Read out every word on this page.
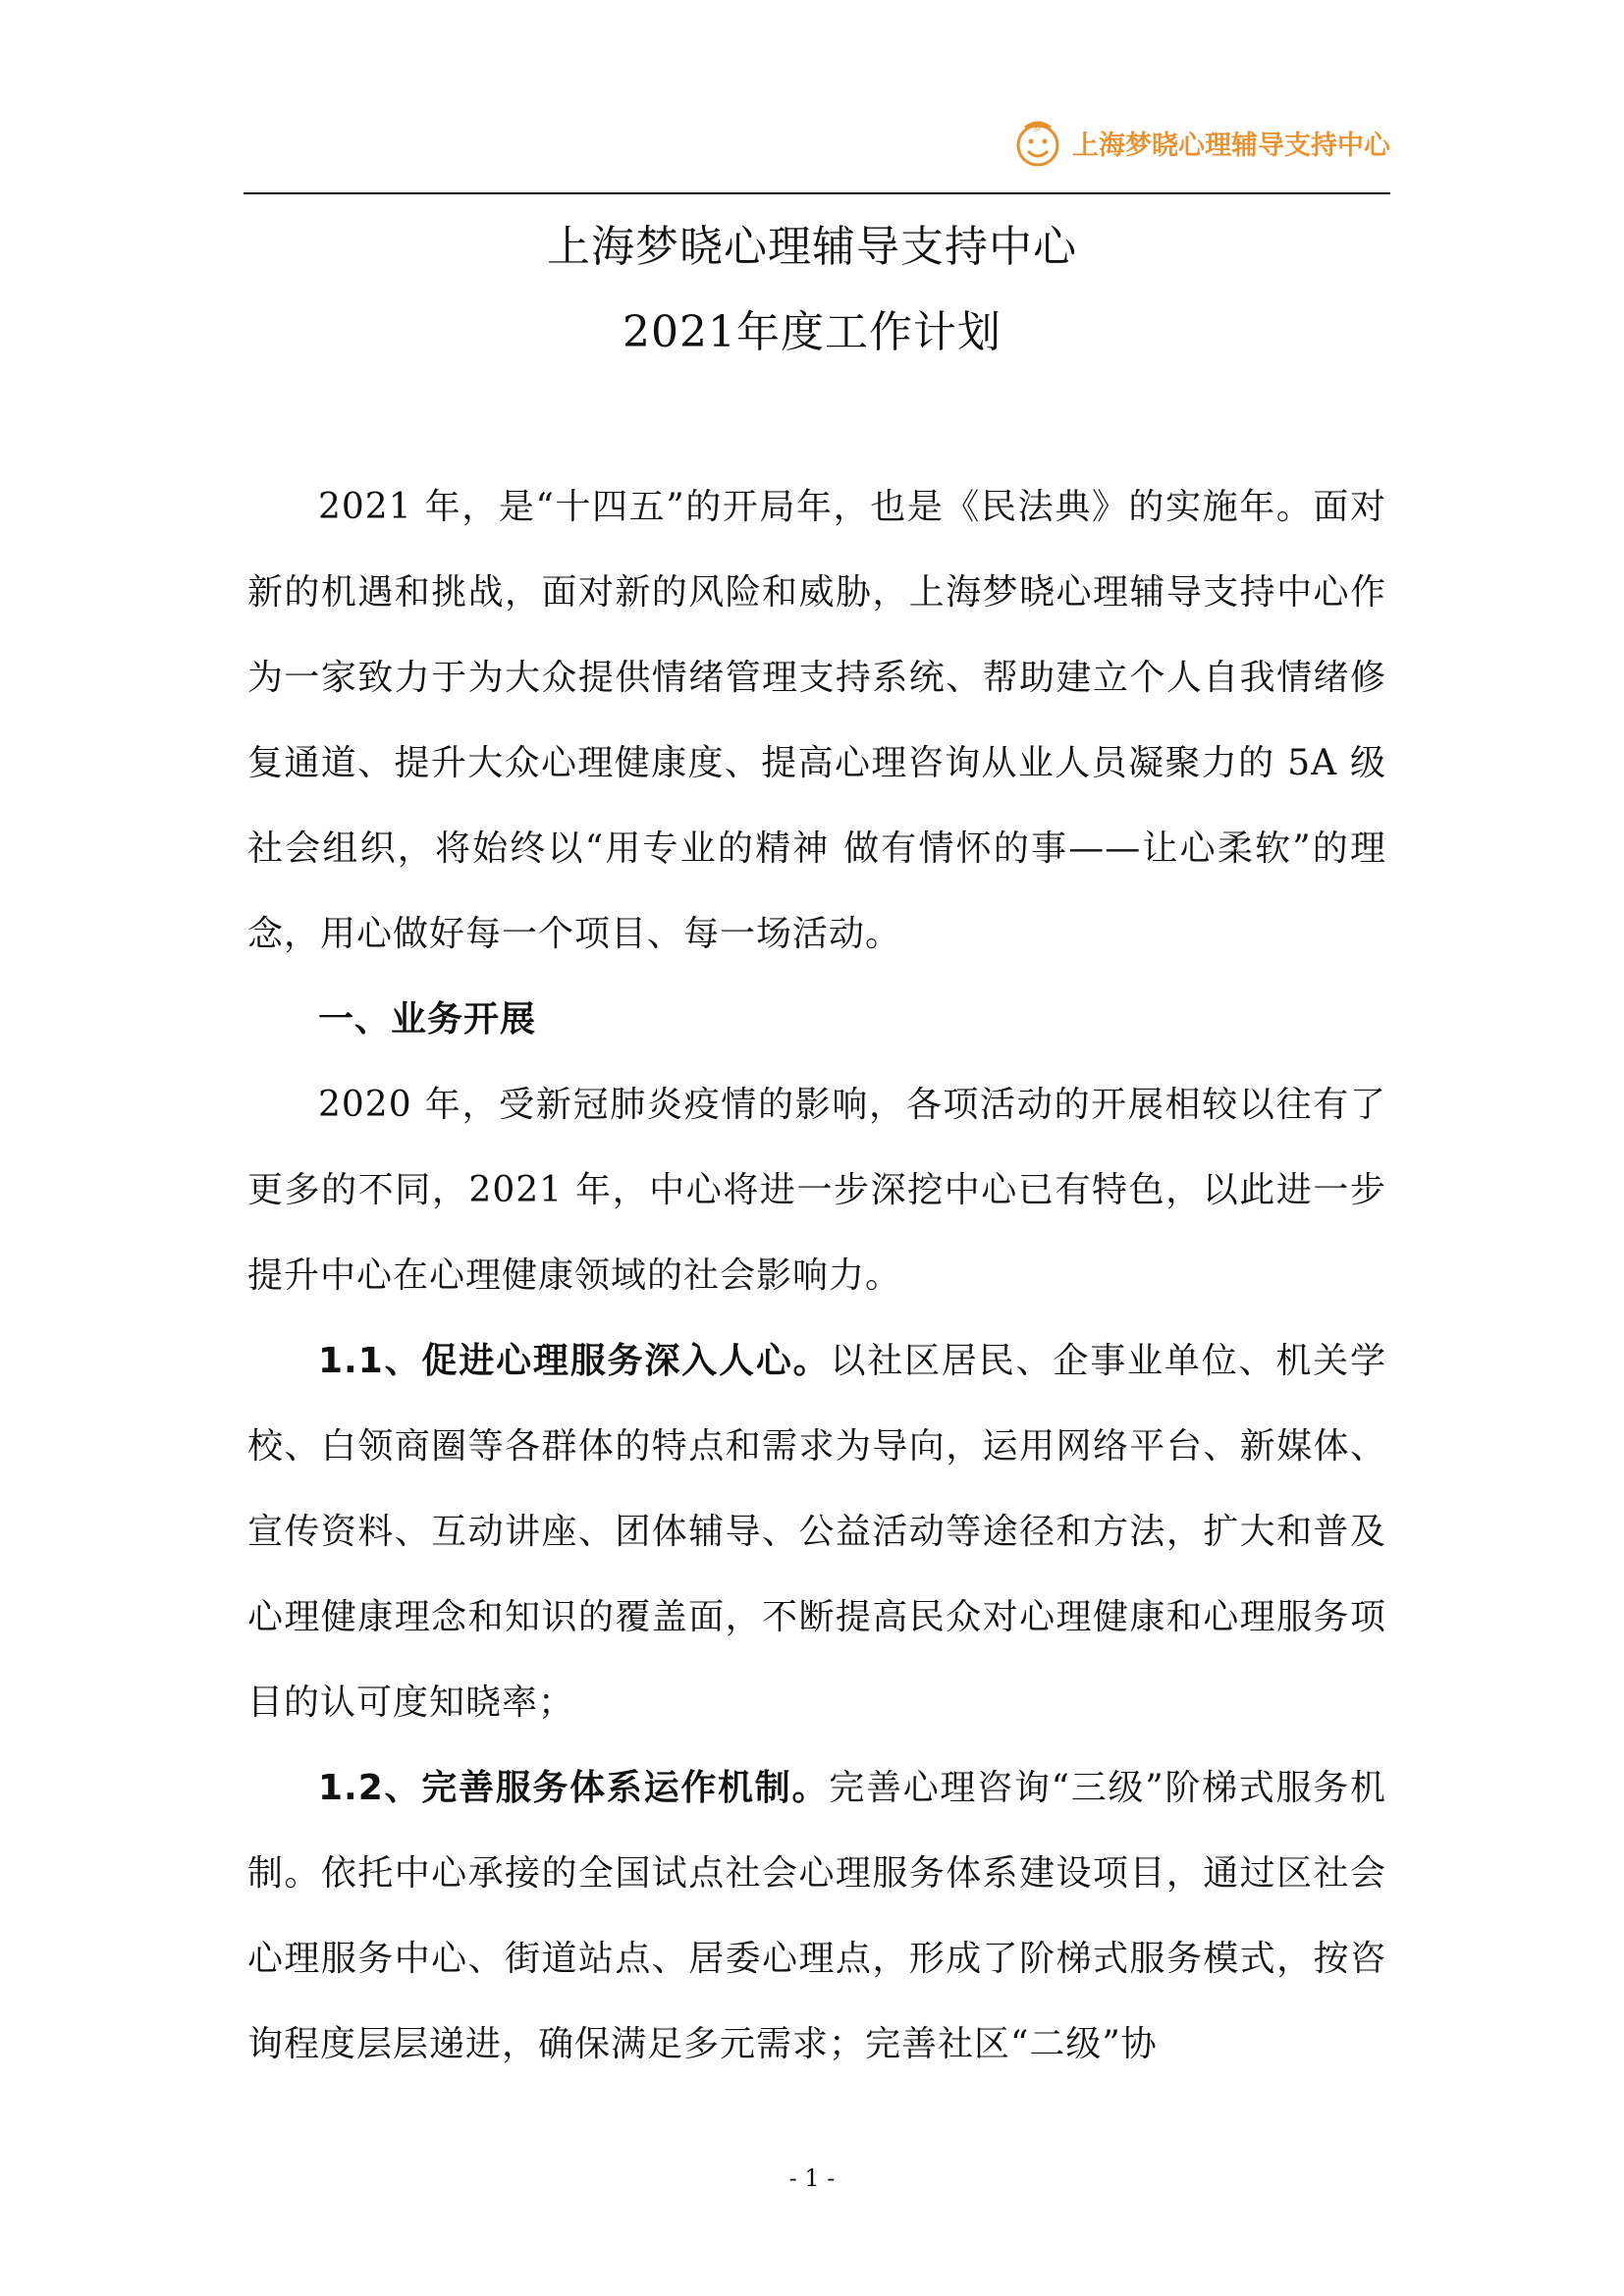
梦
上海梦晓心理辅导支持中心
上海梦晓心理辅导支持中心
2021年度工作计划

2021 年，是“十四五”的开局年，也是《民法典》的实施年。面对新的机遇和挑战，面对新的风险和威胁，上海梦晓心理辅导支持中心作为一家致力于为大众提供情绪管理支持系统、帮助建立个人自我情绪修复通道、提升大众心理健康度、提高心理咨询从业人员凝聚力的 5A 级社会组织，将始终以“用专业的精神 做有情怀的事——让心柔软”的理念，用心做好每一个项目、每一场活动。

一、业务开展

2020 年，受新冠肺炎疫情的影响，各项活动的开展相较以往有了更多的不同，2021 年，中心将进一步深挖中心已有特色，以此进一步提升中心在心理健康领域的社会影响力。

1.1、促进心理服务深入人心。以社区居民、企事业单位、机关学校、白领商圈等各群体的特点和需求为导向，运用网络平台、新媒体、宣传资料、互动讲座、团体辅导、公益活动等途径和方法，扩大和普及心理健康理念和知识的覆盖面，不断提高民众对心理健康和心理服务项目的认可度知晓率；

1.2、完善服务体系运作机制。完善心理咨询“三级”阶梯式服务机制。依托中心承接的全国试点社会心理服务体系建设项目，通过区社会心理服务中心、街道站点、居委心理点，形成了阶梯式服务模式，按咨询程度层层递进，确保满足多元需求；完善社区“二级”协

- 1 -
